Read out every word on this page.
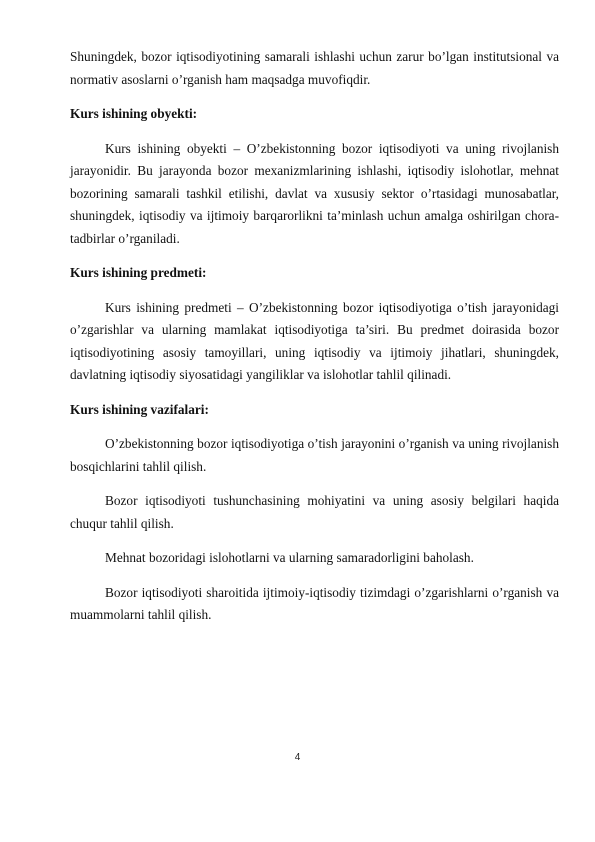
Shuningdek, bozor iqtisodiyotining samarali ishlashi uchun zarur bo’lgan institutsional va normativ asoslarni o’rganish ham maqsadga muvofiqdir.

Kurs ishining obyekti:

Kurs ishining obyekti – O’zbekistonning bozor iqtisodiyoti va uning rivojlanish jarayonidir. Bu jarayonda bozor mexanizmlarining ishlashi, iqtisodiy islohotlar, mehnat bozorining samarali tashkil etilishi, davlat va xususiy sektor o’rtasidagi munosabatlar, shuningdek, iqtisodiy va ijtimoiy barqarorlikni ta’minlash uchun amalga oshirilgan chora-tadbirlar o’rganiladi.

Kurs ishining predmeti:

Kurs ishining predmeti – O’zbekistonning bozor iqtisodiyotiga o’tish jarayonidagi o’zgarishlar va ularning mamlakat iqtisodiyotiga ta’siri. Bu predmet doirasida bozor iqtisodiyotining asosiy tamoyillari, uning iqtisodiy va ijtimoiy jihatlari, shuningdek, davlatning iqtisodiy siyosatidagi yangiliklar va islohotlar tahlil qilinadi.

Kurs ishining vazifalari:

O’zbekistonning bozor iqtisodiyotiga o’tish jarayonini o’rganish va uning rivojlanish bosqichlarini tahlil qilish.

Bozor iqtisodiyoti tushunchasining mohiyatini va uning asosiy belgilari haqida chuqur tahlil qilish.

Mehnat bozoridagi islohotlarni va ularning samaradorligini baholash.

Bozor iqtisodiyoti sharoitida ijtimoiy-iqtisodiy tizimdagi o’zgarishlarni o’rganish va muammolarni tahlil qilish.

4
